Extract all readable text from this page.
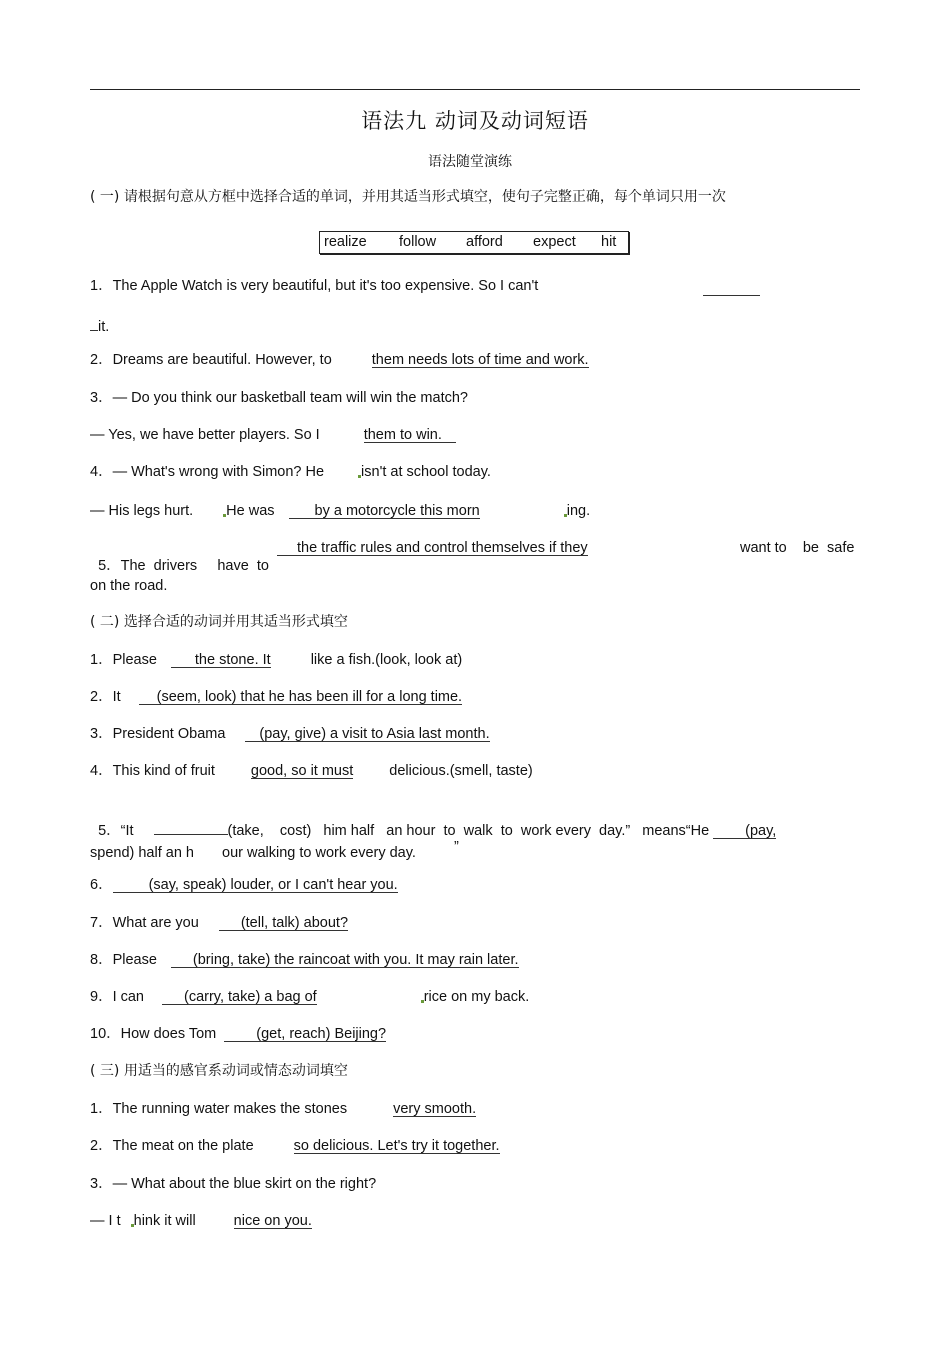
语法九 动词及动词短语
语法随堂演练
( 一) 请根据句意从方框中选择合适的单词，并用其适当形式填空，使句子完整正确，每个单词只用一次
realize follow afford expect hit
1．The Apple Watch is very beautiful, but it's too expensive. So I can't
it.
2．Dreams are beautiful. However, to	them needs lots of time and work.
3．— Do you think our basketball team will win the match?
— Yes, we have better players. So I	them to win.
4．— What's wrong with Simon? He	isn't at school today.
— His legs hurt. He was	by a motorcycle this morn	ing.

5．The  drivers     have  to

the traffic rules and control themselves if they	want to    be  safe
on the road.
( 二) 选择合适的动词并用其适当形式填空
1．Please	the stone. It	like a fish.(look, look at)
2．It (seem, look) that he has been ill for a long time.
3．President Obama (pay, give) a visit to Asia last month.
4．This kind of fruit good, so it must delicious.(smell, taste)

5．“It	(take,    cost)   him half   an hour  to  walk  to  work every  day.”   means“He (pay,

spend) half an h our walking to work every day.	”
6． (say, speak) louder, or I can't hear you.
7．What are you	(tell, talk) about?
8．Please (bring, take) the raincoat with you. It may rain later.
9．I can	(carry, take) a bag of	rice on my back.
10．How does Tom	(get, reach) Beijing?
( 三) 用适当的感官系动词或情态动词填空
1．The running water makes the stones	very smooth.
2．The meat on the plate	so delicious. Let's try it together.
3．— What about the blue skirt on the right?
— I t hink it will	nice on you.
